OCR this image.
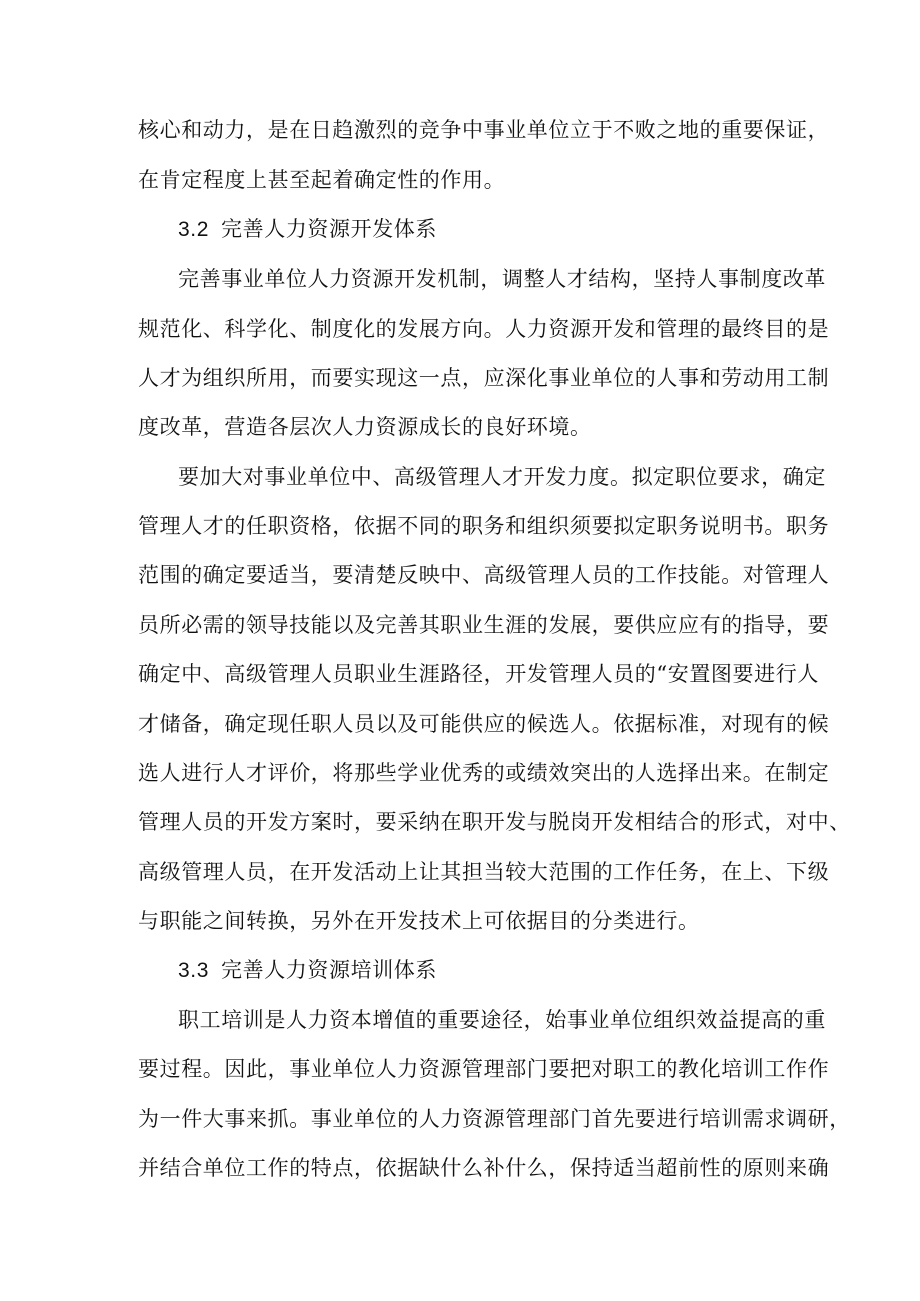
核心和动力，是在日趋激烈的竞争中事业单位立于不败之地的重要保证，
在肯定程度上甚至起着确定性的作用。
3.2 完善人力资源开发体系
完善事业单位人力资源开发机制，调整人才结构，坚持人事制度改革
规范化、科学化、制度化的发展方向。人力资源开发和管理的最终目的是
人才为组织所用，而要实现这一点，应深化事业单位的人事和劳动用工制
度改革，营造各层次人力资源成长的良好环境。
要加大对事业单位中、高级管理人才开发力度。拟定职位要求，确定
管理人才的任职资格，依据不同的职务和组织须要拟定职务说明书。职务
范围的确定要适当，要清楚反映中、高级管理人员的工作技能。对管理人
员所必需的领导技能以及完善其职业生涯的发展，要供应应有的指导，要
确定中、高级管理人员职业生涯路径，开发管理人员的“安置图要进行人
才储备，确定现任职人员以及可能供应的候选人。依据标准，对现有的候
选人进行人才评价，将那些学业优秀的或绩效突出的人选择出来。在制定
管理人员的开发方案时，要采纳在职开发与脱岗开发相结合的形式，对中、
高级管理人员，在开发活动上让其担当较大范围的工作任务，在上、下级
与职能之间转换，另外在开发技术上可依据目的分类进行。
3.3 完善人力资源培训体系
职工培训是人力资本增值的重要途径，始事业单位组织效益提高的重
要过程。因此，事业单位人力资源管理部门要把对职工的教化培训工作作
为一件大事来抓。事业单位的人力资源管理部门首先要进行培训需求调研，
并结合单位工作的特点，依据缺什么补什么，保持适当超前性的原则来确
